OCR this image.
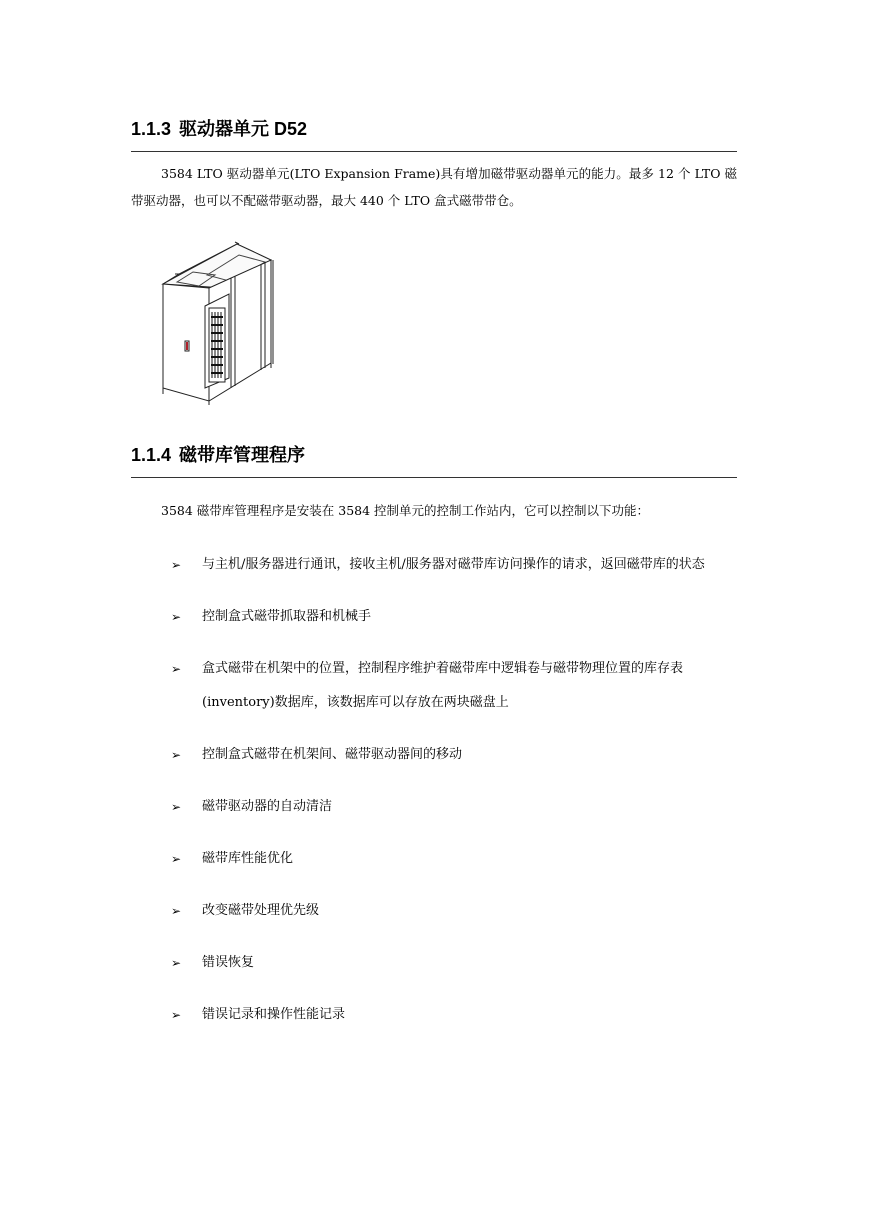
1.1.3 驱动器单元 D52

3584 LTO 驱动器单元(LTO Expansion Frame)具有增加磁带驱动器单元的能力。最多 12 个 LTO 磁带驱动器，也可以不配磁带驱动器，最大 440 个 LTO 盒式磁带带仓。

1.1.4 磁带库管理程序

3584 磁带库管理程序是安装在 3584 控制单元的控制工作站内，它可以控制以下功能：

➢ 与主机/服务器进行通讯，接收主机/服务器对磁带库访问操作的请求，返回磁带库的状态
➢ 控制盒式磁带抓取器和机械手
➢ 盒式磁带在机架中的位置，控制程序维护着磁带库中逻辑卷与磁带物理位置的库存表(inventory)数据库，该数据库可以存放在两块磁盘上
➢ 控制盒式磁带在机架间、磁带驱动器间的移动
➢ 磁带驱动器的自动清洁
➢ 磁带库性能优化
➢ 改变磁带处理优先级
➢ 错误恢复
➢ 错误记录和操作性能记录
